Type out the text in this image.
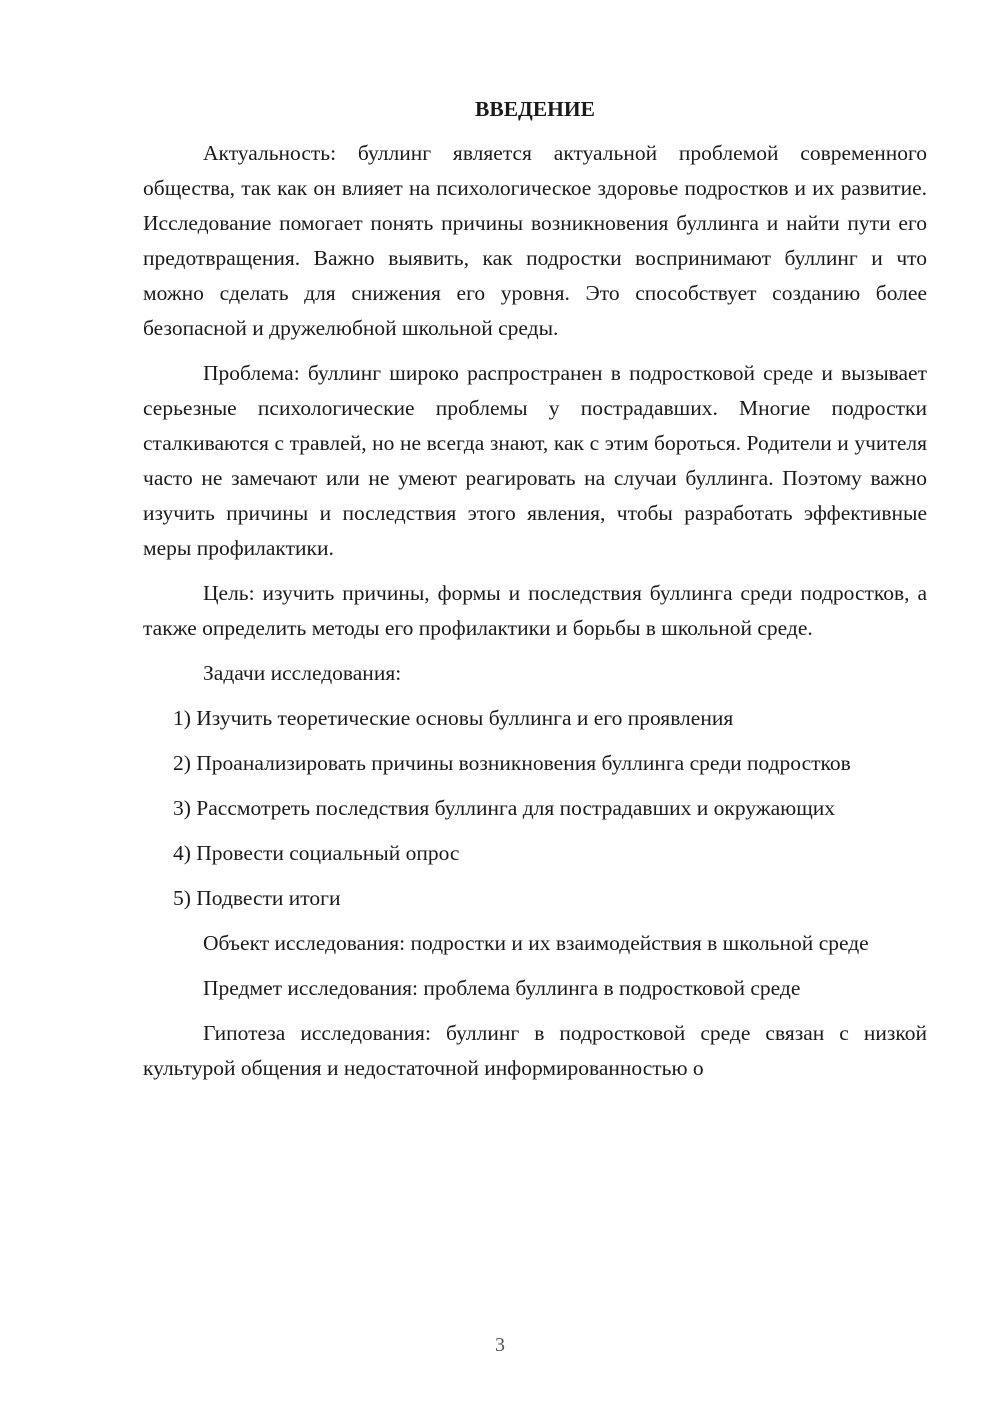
ВВЕДЕНИЕ

Актуальность: буллинг является актуальной проблемой современного общества, так как он влияет на психологическое здоровье подростков и их развитие. Исследование помогает понять причины возникновения буллинга и найти пути его предотвращения. Важно выявить, как подростки воспринимают буллинг и что можно сделать для снижения его уровня. Это способствует созданию более безопасной и дружелюбной школьной среды.

Проблема: буллинг широко распространен в подростковой среде и вызывает серьезные психологические проблемы у пострадавших. Многие подростки сталкиваются с травлей, но не всегда знают, как с этим бороться. Родители и учителя часто не замечают или не умеют реагировать на случаи буллинга. Поэтому важно изучить причины и последствия этого явления, чтобы разработать эффективные меры профилактики.

Цель: изучить причины, формы и последствия буллинга среди подростков, а также определить методы его профилактики и борьбы в школьной среде.

Задачи исследования:

1) Изучить теоретические основы буллинга и его проявления

2) Проанализировать причины возникновения буллинга среди подростков

3) Рассмотреть последствия буллинга для пострадавших и окружающих

4) Провести социальный опрос

5) Подвести итоги

Объект исследования: подростки и их взаимодействия в школьной среде

Предмет исследования: проблема буллинга в подростковой среде

Гипотеза исследования: буллинг в подростковой среде связан с низкой культурой общения и недостаточной информированностью о

3
